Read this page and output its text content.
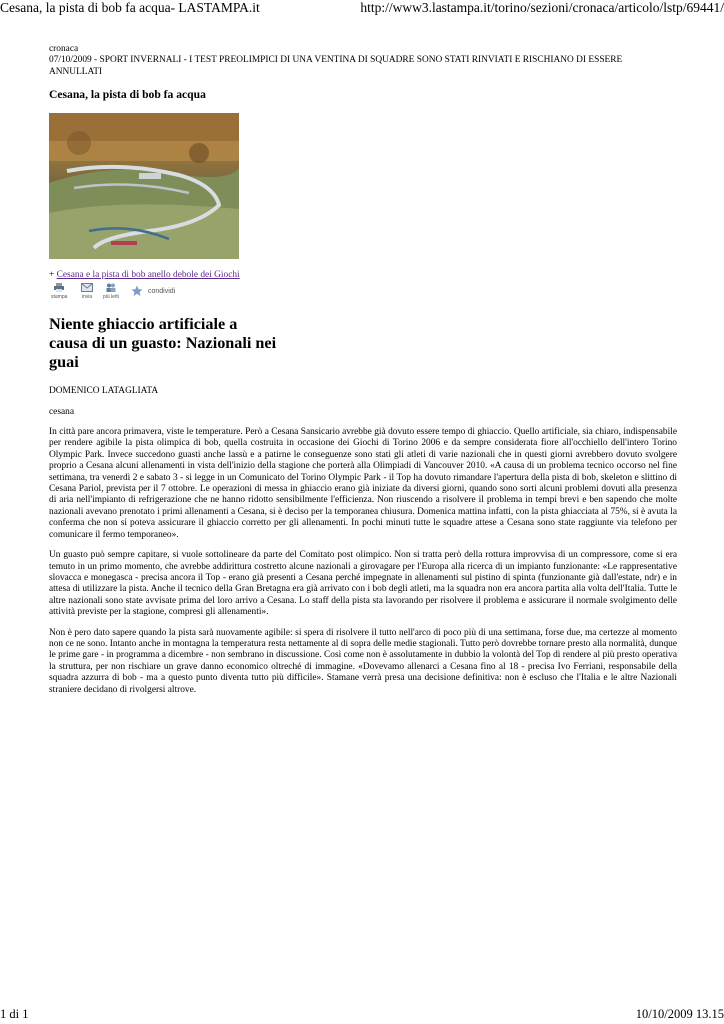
Cesana, la pista di bob fa acqua- LASTAMPA.it	http://www3.lastampa.it/torino/sezioni/cronaca/articolo/lstp/69441/
cronaca
07/10/2009 - SPORT INVERNALI - I TEST PREOLIMPICI DI UNA VENTINA DI SQUADRE SONO STATI RINVIATI E RISCHIANO DI ESSERE ANNULLATI
Cesana, la pista di bob fa acqua
+ Cesana e la pista di bob anello debole dei Giochi
stampa	invia più letti
condividi
Niente ghiaccio artificiale a causa di un guasto: Nazionali nei guai
DOMENICO LATAGLIATA
cesana
In città pare ancora primavera, viste le temperature. Però a Cesana Sansicario avrebbe già dovuto essere tempo di ghiaccio. Quello artificiale, sia chiaro, indispensabile per rendere agibile la pista olimpica di bob, quella costruita in occasione dei Giochi di Torino 2006 e da sempre considerata fiore all'occhiello dell'intero Torino Olympic Park. Invece succedono guasti anche lassù e a patirne le conseguenze sono stati gli atleti di varie nazionali che in questi giorni avrebbero dovuto svolgere proprio a Cesana alcuni allenamenti in vista dell'inizio della stagione che porterà alla Olimpiadi di Vancouver 2010. «A causa di un problema tecnico occorso nel fine settimana, tra venerdì 2 e sabato 3 - si legge in un Comunicato del Torino Olympic Park - il Top ha dovuto rimandare l'apertura della pista di bob, skeleton e slittino di Cesana Pariol, prevista per il 7 ottobre. Le operazioni di messa in ghiaccio erano già iniziate da diversi giorni, quando sono sorti alcuni problemi dovuti alla presenza di aria nell'impianto di refrigerazione che ne hanno ridotto sensibilmente l'efficienza. Non riuscendo a risolvere il problema in tempi brevi e ben sapendo che molte nazionali avevano prenotato i primi allenamenti a Cesana, si è deciso per la temporanea chiusura. Domenica mattina infatti, con la pista ghiacciata al 75%, si è avuta la conferma che non si poteva assicurare il ghiaccio corretto per gli allenamenti. In pochi minuti tutte le squadre attese a Cesana sono state raggiunte via telefono per comunicare il fermo temporaneo».
Un guasto può sempre capitare, si vuole sottolineare da parte del Comitato post olimpico. Non si tratta però della rottura improvvisa di un compressore, come si era temuto in un primo momento, che avrebbe addirittura costretto alcune nazionali a girovagare per l'Europa alla ricerca di un impianto funzionante: «Le rappresentative slovacca e monegasca - precisa ancora il Top - erano già presenti a Cesana perché impegnate in allenamenti sul pistino di spinta (funzionante già dall'estate, ndr) e in attesa di utilizzare la pista. Anche il tecnico della Gran Bretagna era già arrivato con i bob degli atleti, ma la squadra non era ancora partita alla volta dell'Italia. Tutte le altre nazionali sono state avvisate prima del loro arrivo a Cesana. Lo staff della pista sta lavorando per risolvere il problema e assicurare il normale svolgimento delle attività previste per la stagione, compresi gli allenamenti».
Non è pero dato sapere quando la pista sarà nuovamente agibile: si spera di risolvere il tutto nell'arco di poco più di una settimana, forse due, ma certezze al momento non ce ne sono. Intanto anche in montagna la temperatura resta nettamente al di sopra delle medie stagionali. Tutto però dovrebbe tornare presto alla normalità, dunque le prime gare - in programma a dicembre - non sembrano in discussione. Così come non è assolutamente in dubbio la volontà del Top di rendere al più presto operativa la struttura, per non rischiare un grave danno economico oltreché di immagine. «Dovevamo allenarci a Cesana fino al 18 - precisa Ivo Ferriani, responsabile della squadra azzurra di bob - ma a questo punto diventa tutto più difficile». Stamane verrà presa una decisione definitiva: non è escluso che l'Italia e le altre Nazionali straniere decidano di rivolgersi altrove.
1 di 1	10/10/2009 13.15
